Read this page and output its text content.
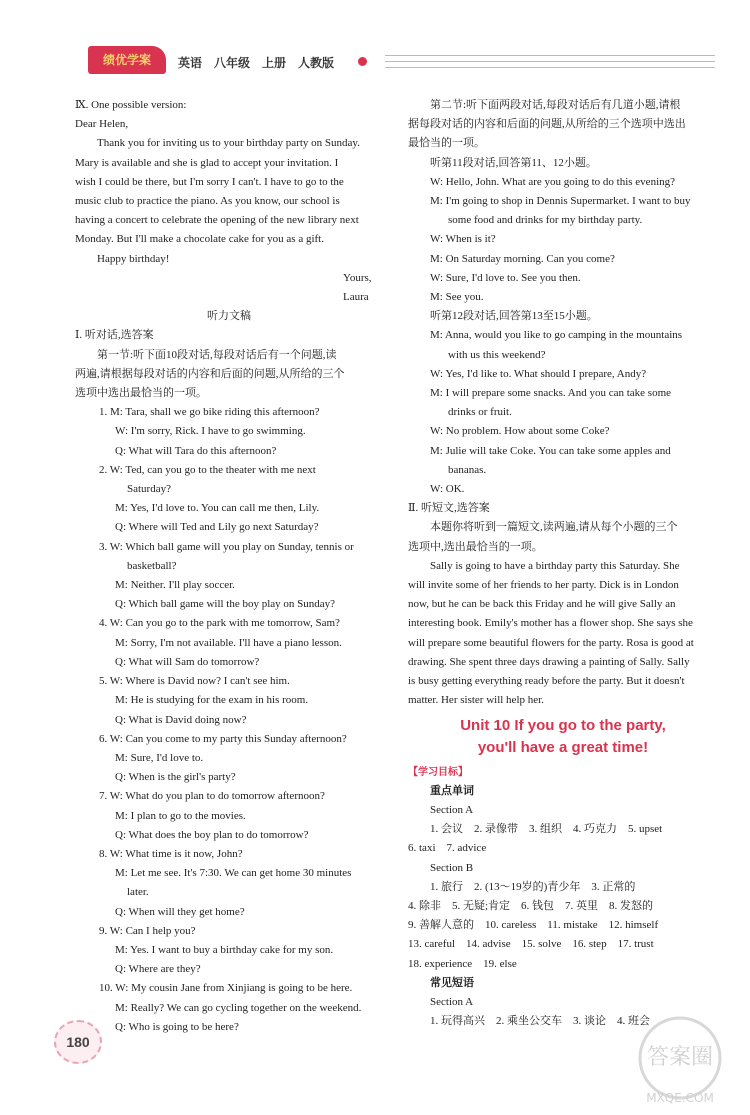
绩优学案	英语　八年级　上册　人教版

Ⅸ. One possible version:

Dear Helen,

Thank you for inviting us to your birthday party on Sunday.

Mary is available and she is glad to accept your invitation. I

wish I could be there, but I'm sorry I can't. I have to go to the

music club to practice the piano. As you know, our school is

having a concert to celebrate the opening of the new library next

Monday. But I'll make a chocolate cake for you as a gift.

Happy birthday!

Yours,

Laura

听力文稿

Ⅰ. 听对话,选答案

第一节:听下面10段对话,每段对话后有一个问题,读

两遍,请根据每段对话的内容和后面的问题,从所给的三个

选项中选出最恰当的一项。

1. M: Tara, shall we go bike riding this afternoon?

W: I'm sorry, Rick. I have to go swimming.

Q: What will Tara do this afternoon?

2. W: Ted, can you go to the theater with me next

Saturday?

M: Yes, I'd love to. You can call me then, Lily.

Q: Where will Ted and Lily go next Saturday?

3. W: Which ball game will you play on Sunday, tennis or

basketball?

M: Neither. I'll play soccer.

Q: Which ball game will the boy play on Sunday?

4. W: Can you go to the park with me tomorrow, Sam?

M: Sorry, I'm not available. I'll have a piano lesson.

Q: What will Sam do tomorrow?

5. W: Where is David now? I can't see him.

M: He is studying for the exam in his room.

Q: What is David doing now?

6. W: Can you come to my party this Sunday afternoon?

M: Sure, I'd love to.

Q: When is the girl's party?

7. W: What do you plan to do tomorrow afternoon?

M: I plan to go to the movies.

Q: What does the boy plan to do tomorrow?

8. W: What time is it now, John?

M: Let me see. It's 7:30. We can get home 30 minutes

later.

Q: When will they get home?

9. W: Can I help you?

M: Yes. I want to buy a birthday cake for my son.

Q: Where are they?

10. W: My cousin Jane from Xinjiang is going to be here.

M: Really? We can go cycling together on the weekend.

Q: Who is going to be here?

第二节:听下面两段对话,每段对话后有几道小题,请根

据每段对话的内容和后面的问题,从所给的三个选项中选出

最恰当的一项。

听第11段对话,回答第11、12小题。

W: Hello, John. What are you going to do this evening?

M: I'm going to shop in Dennis Supermarket. I want to buy

some food and drinks for my birthday party.

W: When is it?

M: On Saturday morning. Can you come?

W: Sure, I'd love to. See you then.

M: See you.

听第12段对话,回答第13至15小题。

M: Anna, would you like to go camping in the mountains

with us this weekend?

W: Yes, I'd like to. What should I prepare, Andy?

M: I will prepare some snacks. And you can take some

drinks or fruit.

W: No problem. How about some Coke?

M: Julie will take Coke. You can take some apples and

bananas.

W: OK.

Ⅱ. 听短文,选答案

本题你将听到一篇短文,读两遍,请从每个小题的三个

选项中,选出最恰当的一项。

Sally is going to have a birthday party this Saturday. She

will invite some of her friends to her party. Dick is in London

now, but he can be back this Friday and he will give Sally an

interesting book. Emily's mother has a flower shop. She says she

will prepare some beautiful flowers for the party. Rosa is good at

drawing. She spent three days drawing a painting of Sally. Sally

is busy getting everything ready before the party. But it doesn't

matter. Her sister will help her.

Unit 10 If you go to the party,
you'll have a great time!

【学习目标】

重点单词

Section A

1. 会议　2. 录像带　3. 组织　4. 巧克力　5. upset

6. taxi　7. advice

Section B

1. 旅行　2. (13～19岁的)青少年　3. 正常的

4. 除非　5. 无疑;肯定　6. 钱包　7. 英里　8. 发怒的

9. 善解人意的　10. careless　11. mistake　12. himself

13. careful　14. advise　15. solve　16. step　17. trust

18. experience　19. else

常见短语

Section A

1. 玩得高兴　2. 乘坐公交车　3. 谈论　4. 班会

180
答案圈
MXQE.COM
